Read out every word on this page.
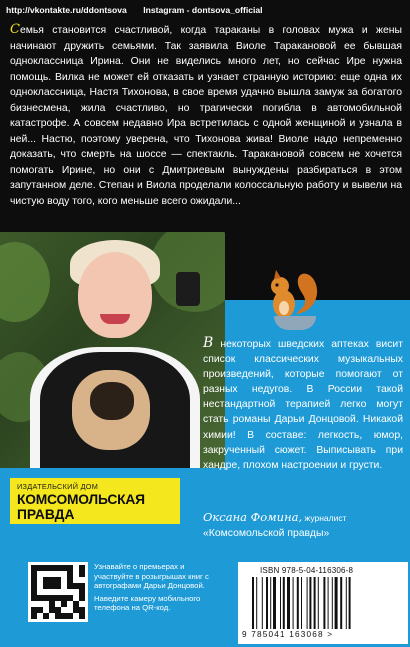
http://vkontakte.ru/ddontsova Instagram - dontsova_official
Семья становится счастливой, когда тараканы в головах мужа и жены начинают дружить семьями. Так заявила Виоле Таракановой ее бывшая одноклассница Ирина. Они не виделись много лет, но сейчас Ире нужна помощь. Вилка не может ей отказать и узнает странную историю: еще одна их одноклассница, Настя Тихонова, в свое время удачно вышла замуж за богатого бизнесмена, жила счастливо, но трагически погибла в автомобильной катастрофе. А совсем недавно Ира встретилась с одной женщиной и узнала в ней... Настю, поэтому уверена, что Тихонова жива! Виоле надо непременно доказать, что смерть на шоссе — спектакль. Таракановой совсем не хочется помогать Ирине, но они с Дмитриевым вынуждены разбираться в этом запутанном деле. Степан и Виола проделали колоссальную работу и вывели на чистую воду того, кого меньше всего ожидали...
В некоторых шведских аптеках висит список классических музыкальных произведений, которые помогают от разных недугов. В России такой нестандартной терапией легко могут стать романы Дарьи Донцовой. Никакой химии! В составе: легкость, юмор, закрученный сюжет. Выписывать при хандре, плохом настроении и грусти.
Оксана Фомина, журналист
«Комсомольской правды»
ИЗДАТЕЛЬСКИЙ ДОМ
КОМСОМОЛЬСКАЯ
ПРАВДА

Узнавайте о премьерах и участвуйте в розыгрышах книг с автографами Дарьи Донцовой.

Наведите камеру мобильного телефона на QR-код.

ISBN 978-5-04-116306-8
9 785041 163068 >
